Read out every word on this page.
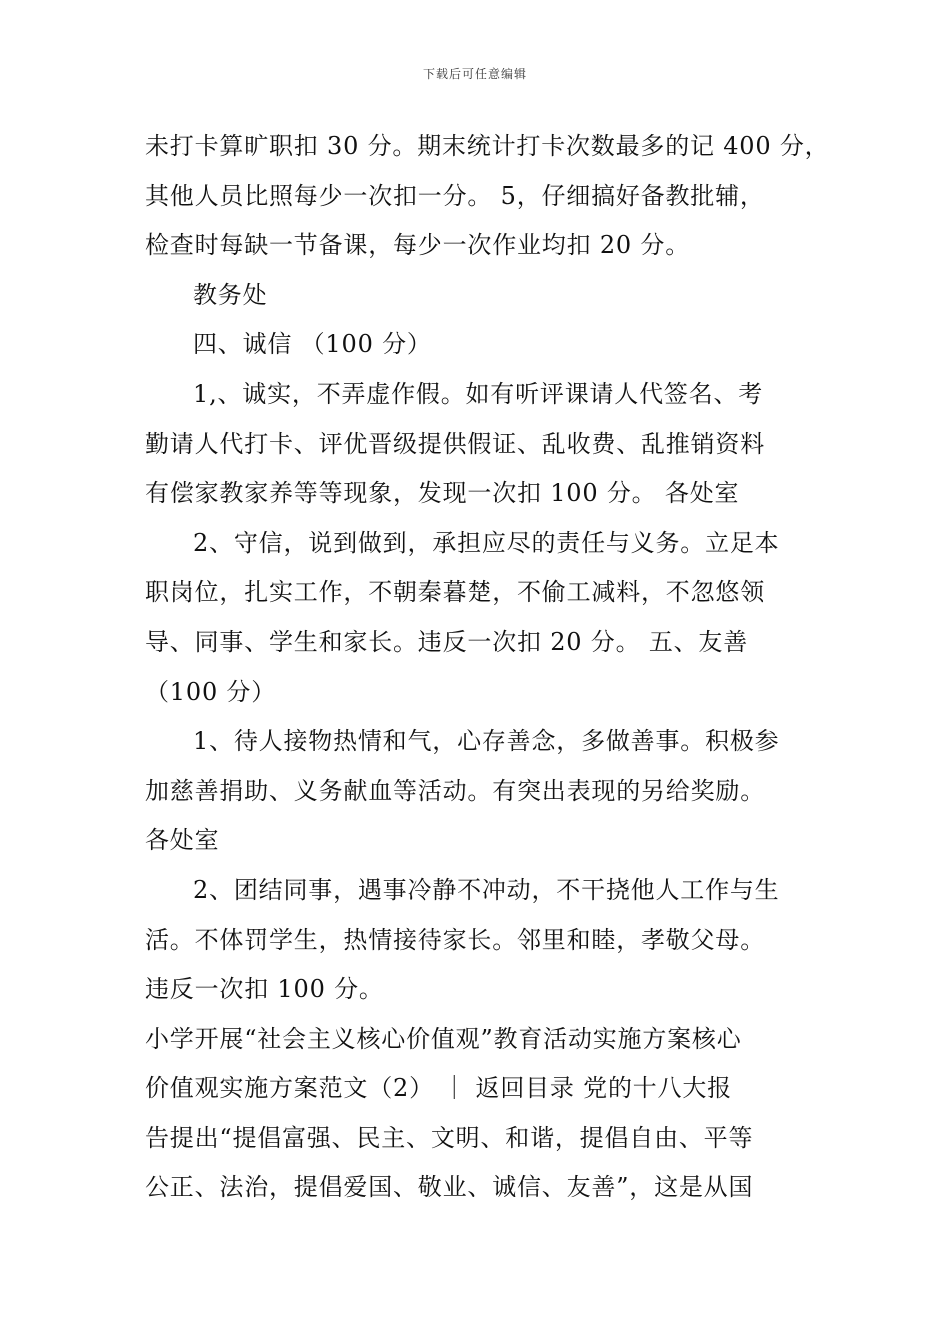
下载后可任意编辑
未打卡算旷职扣 30 分。期末统计打卡次数最多的记 400 分，
其他人员比照每少一次扣一分。 5，仔细搞好备教批辅，
检查时每缺一节备课，每少一次作业均扣 20 分。
教务处
四、诚信 （100 分）
1,、诚实，不弄虚作假。如有听评课请人代签名、考
勤请人代打卡、评优晋级提供假证、乱收费、乱推销资料
有偿家教家养等等现象，发现一次扣 100 分。 各处室
2、守信，说到做到，承担应尽的责任与义务。立足本
职岗位，扎实工作，不朝秦暮楚，不偷工减料，不忽悠领
导、同事、学生和家长。违反一次扣 20 分。 五、友善
（100 分）
1、待人接物热情和气，心存善念，多做善事。积极参
加慈善捐助、义务献血等活动。有突出表现的另给奖励。
各处室
2、团结同事，遇事冷静不冲动，不干挠他人工作与生
活。不体罚学生，热情接待家长。邻里和睦，孝敬父母。
违反一次扣 100 分。
小学开展“社会主义核心价值观”教育活动实施方案核心
价值观实施方案范文（2） ｜ 返回目录 党的十八大报
告提出“提倡富强、民主、文明、和谐，提倡自由、平等
公正、法治，提倡爱国、敬业、诚信、友善”，这是从国
